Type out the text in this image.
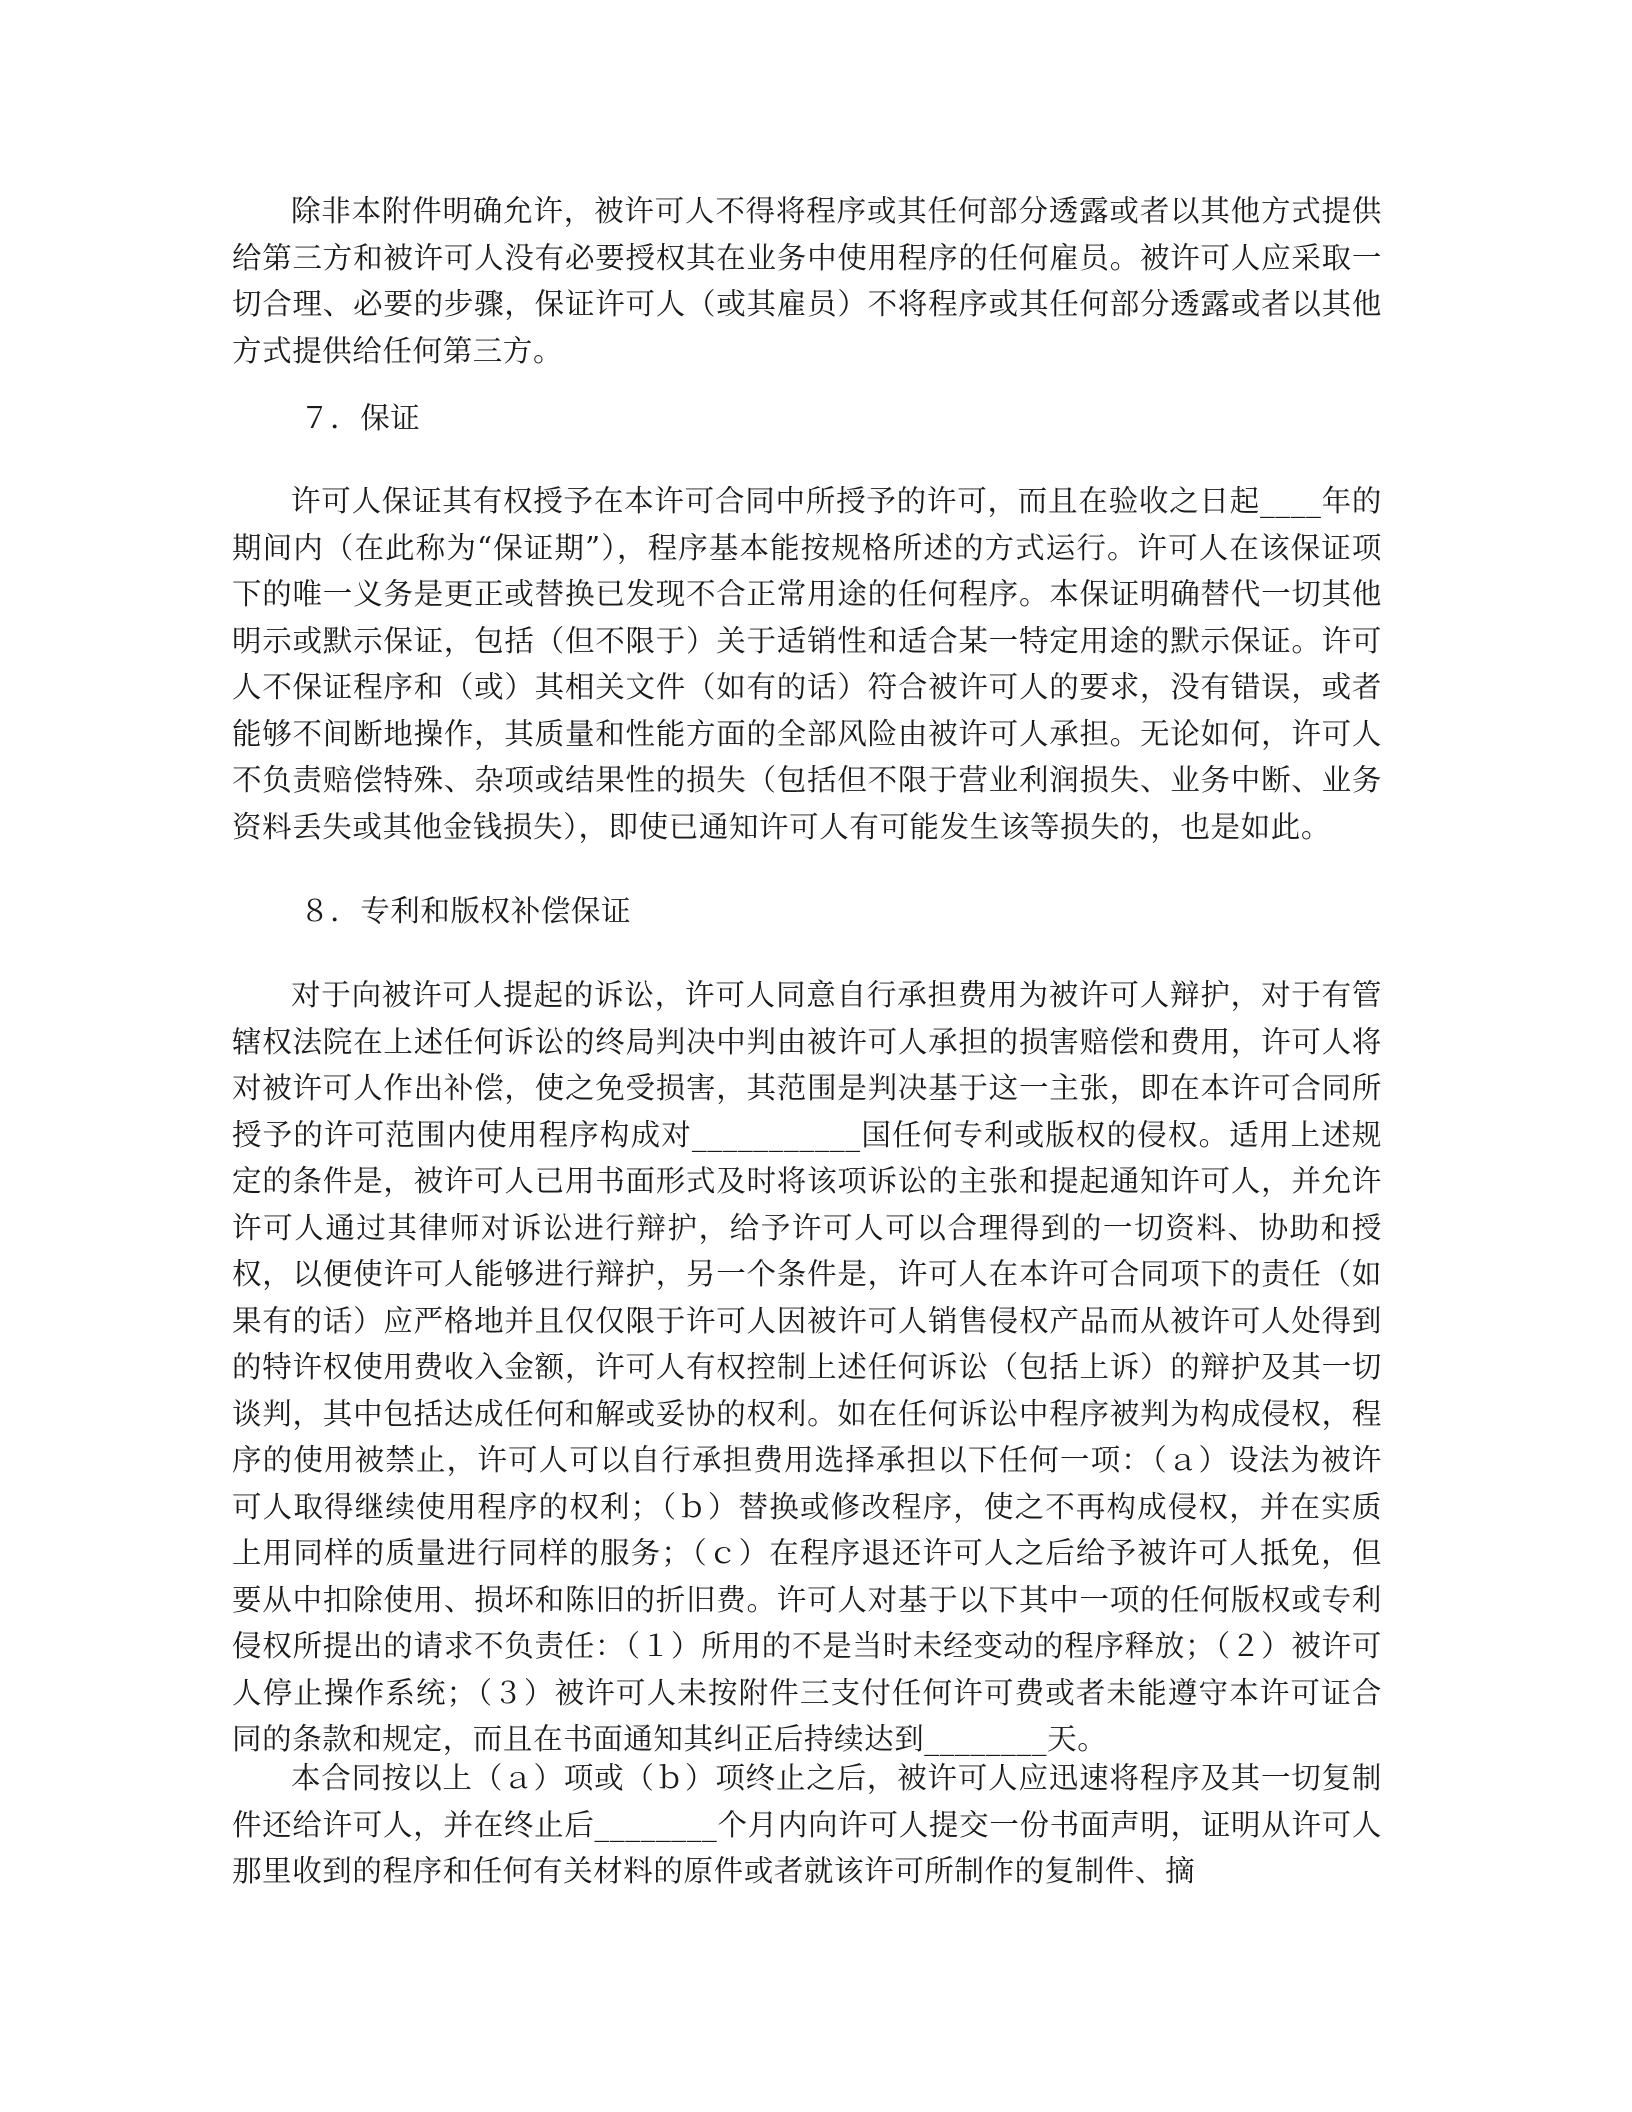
除非本附件明确允许，被许可人不得将程序或其任何部分透露或者以其他方式提供给第三方和被许可人没有必要授权其在业务中使用程序的任何雇员。被许可人应采取一切合理、必要的步骤，保证许可人（或其雇员）不将程序或其任何部分透露或者以其他方式提供给任何第三方。

７．保证

许可人保证其有权授予在本许可合同中所授予的许可，而且在验收之日起____年的期间内（在此称为“保证期”），程序基本能按规格所述的方式运行。许可人在该保证项下的唯一义务是更正或替换已发现不合正常用途的任何程序。本保证明确替代一切其他明示或默示保证，包括（但不限于）关于适销性和适合某一特定用途的默示保证。许可人不保证程序和（或）其相关文件（如有的话）符合被许可人的要求，没有错误，或者能够不间断地操作，其质量和性能方面的全部风险由被许可人承担。无论如何，许可人不负责赔偿特殊、杂项或结果性的损失（包括但不限于营业利润损失、业务中断、业务资料丢失或其他金钱损失），即使已通知许可人有可能发生该等损失的，也是如此。

８．专利和版权补偿保证

对于向被许可人提起的诉讼，许可人同意自行承担费用为被许可人辩护，对于有管辖权法院在上述任何诉讼的终局判决中判由被许可人承担的损害赔偿和费用，许可人将对被许可人作出补偿，使之免受损害，其范围是判决基于这一主张，即在本许可合同所授予的许可范围内使用程序构成对___________国任何专利或版权的侵权。适用上述规定的条件是，被许可人已用书面形式及时将该项诉讼的主张和提起通知许可人，并允许许可人通过其律师对诉讼进行辩护，给予许可人可以合理得到的一切资料、协助和授权，以便使许可人能够进行辩护，另一个条件是，许可人在本许可合同项下的责任（如果有的话）应严格地并且仅仅限于许可人因被许可人销售侵权产品而从被许可人处得到的特许权使用费收入金额，许可人有权控制上述任何诉讼（包括上诉）的辩护及其一切谈判，其中包括达成任何和解或妥协的权利。如在任何诉讼中程序被判为构成侵权，程序的使用被禁止，许可人可以自行承担费用选择承担以下任何一项：（ａ）设法为被许可人取得继续使用程序的权利；（ｂ）替换或修改程序，使之不再构成侵权，并在实质上用同样的质量进行同样的服务；（ｃ）在程序退还许可人之后给予被许可人抵免，但要从中扣除使用、损坏和陈旧的折旧费。许可人对基于以下其中一项的任何版权或专利侵权所提出的请求不负责任：（１）所用的不是当时未经变动的程序释放；（２）被许可人停止操作系统；（３）被许可人未按附件三支付任何许可费或者未能遵守本许可证合同的条款和规定，而且在书面通知其纠正后持续达到________天。

本合同按以上（ａ）项或（ｂ）项终止之后，被许可人应迅速将程序及其一切复制件还给许可人，并在终止后________个月内向许可人提交一份书面声明，证明从许可人那里收到的程序和任何有关材料的原件或者就该许可所制作的复制件、摘
